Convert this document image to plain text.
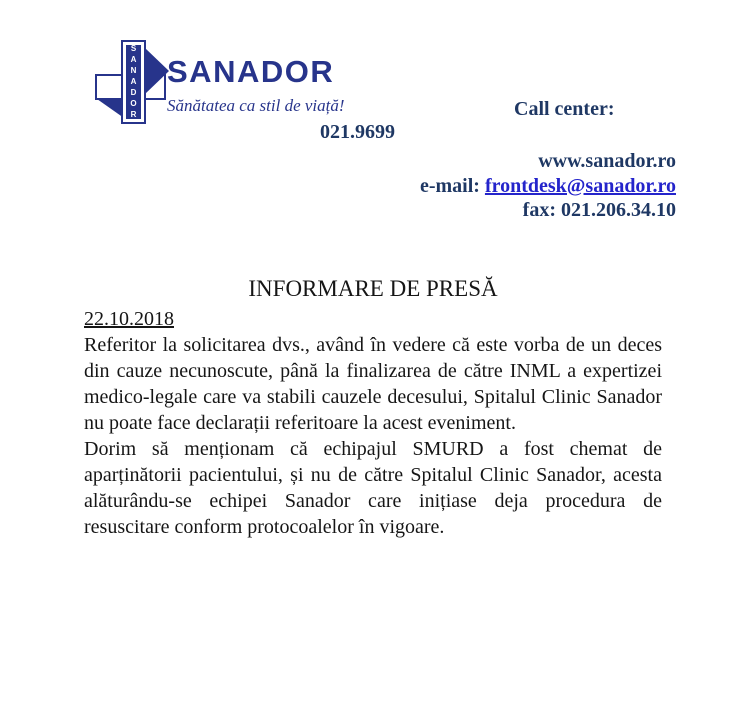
SANADOR SANADOR
Sănătatea ca stil de viață!
021.9699
Call center:
www.sanador.ro
e-mail: frontdesk@sanador.ro
fax: 021.206.34.10
INFORMARE DE PRESĂ
22.10.2018

Referitor la solicitarea dvs., având în vedere că este vorba de un deces din cauze necunoscute, până la finalizarea de către INML a expertizei medico-legale care va stabili cauzele decesului, Spitalul Clinic Sanador nu poate face declarații referitoare la acest eveniment.

Dorim să menționam că echipajul SMURD a fost chemat de aparținătorii pacientului, și nu de către Spitalul Clinic Sanador, acesta alăturându-se echipei Sanador care inițiase deja procedura de resuscitare conform protocoalelor în vigoare.
